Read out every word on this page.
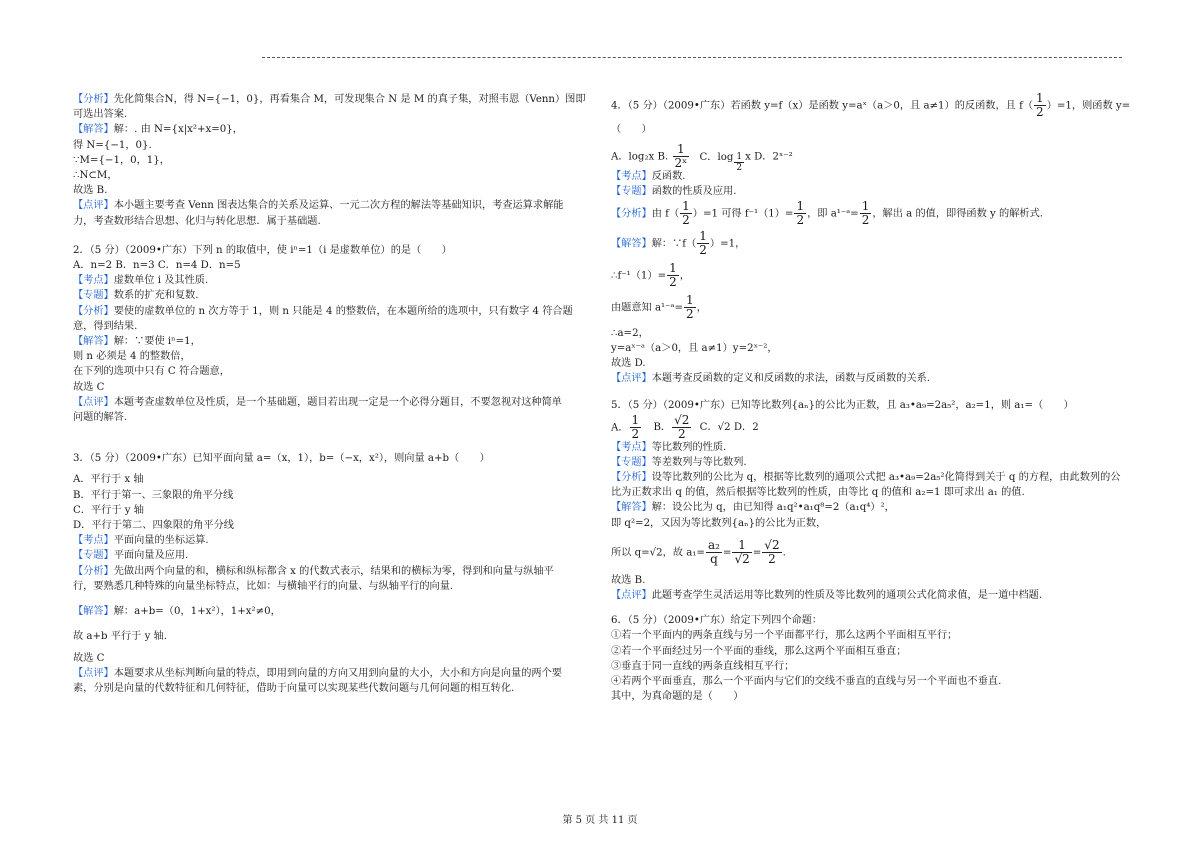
【分析】先化简集合N，得 N={−1，0}，再看集合 M，可发现集合 N 是 M 的真子集，对照韦恩（Venn）图即
可选出答案.
【解答】解：. 由 N={x|x²+x=0}，
得 N={−1，0}.
∵M={−1，0，1}，
∴N⊂M，
故选 B.
【点评】本小题主要考查 Venn 图表达集合的关系及运算、一元二次方程的解法等基础知识，考查运算求解能
力，考查数形结合思想、化归与转化思想．属于基础题.
2．（5 分）（2009•广东）下列 n 的取值中，使 iⁿ=1（i 是虚数单位）的是（　　）
A．n=2 B．n=3 C．n=4 D．n=5
【考点】虚数单位 i 及其性质.
【专题】数系的扩充和复数.
【分析】要使的虚数单位的 n 次方等于 1，则 n 只能是 4 的整数倍，在本题所给的选项中，只有数字 4 符合题
意，得到结果.
【解答】解：∵要使 iⁿ=1，
则 n 必须是 4 的整数倍，
在下列的选项中只有 C 符合题意，
故选 C
【点评】本题考查虚数单位及性质，是一个基础题，题目若出现一定是一个必得分题目，不要忽视对这种简单
问题的解答.
3．（5 分）（2009•广东）已知平面向量 a=（x，1），b=（−x，x²），则向量 a+b（　　）
A．平行于 x 轴
B．平行于第一、三象限的角平分线
C．平行于 y 轴
D．平行于第二、四象限的角平分线
【考点】平面向量的坐标运算.
【专题】平面向量及应用.
【分析】先做出两个向量的和，横标和纵标都含 x 的代数式表示，结果和的横标为零，得到和向量与纵轴平
行，要熟悉几种特殊的向量坐标特点，比如：与横轴平行的向量、与纵轴平行的向量.
【解答】解：a+b=（0，1+x²），1+x²≠0，
故 a+b 平行于 y 轴.
故选 C
【点评】本题要求从坐标判断向量的特点，即用到向量的方向又用到向量的大小，大小和方向是向量的两个要
素，分别是向量的代数特征和几何特征，借助于向量可以实现某些代数问题与几何问题的相互转化.
4．（5 分）（2009•广东）若函数 y=f（x）是函数 y=aˣ（a＞0，且 a≠1）的反函数，且 $f( \frac{1}{2} )=1$，则函数 y=
（　　）
A．log₂x B. $\frac{1}{\text{2ˣ}}$ C．$\log \frac{1}{2}$ x D．2ˣ⁻²
【考点】反函数.
【专题】函数的性质及应用.
【分析】由 $f( \frac{1}{2} )=1$ 可得 $f^{-1}(1)= \frac{1}{2}$ ，即 a¹⁻ᵃ= $\frac{1}{2}$ ，解出 a 的值，即得函数 y 的解析式.
【解答】解：∵f（ $\frac{1}{2} )=1$，
∴f⁻¹（1）= $\frac{1}{2}$ ，
由题意知 a¹⁻ᵃ= $\frac{1}{2}$ ，
∴a=2，
y=aˣ⁻ᵃ（a＞0，且 a≠1）y=2ˣ⁻²，
故选 D.
【点评】本题考查反函数的定义和反函数的求法，函数与反函数的关系.
5．（5 分）（2009•广东）已知等比数列{aₙ}的公比为正数，且 a₃•a₉=2a₅²，a₂=1，则 a₁=（　　）
A． $\frac{1}{2}$ B． $\frac{√2}{2}$ C．√2 D．2
【考点】等比数列的性质.
【专题】等差数列与等比数列.
【分析】设等比数列的公比为 q，根据等比数列的通项公式把 a₃•a₉=2a₅²化简得到关于 q 的方程，由此数列的公
比为正数求出 q 的值，然后根据等比数列的性质，由等比 q 的值和 a₂=1 即可求出 a₁ 的值.
【解答】解：设公比为 q，由已知得 a₁q²•a₁q⁸=2（a₁q⁴）²，
即 q²=2，又因为等比数列{aₙ}的公比为正数，
所以 q=√2，故 $a_1= \frac{\text{a₂}}{q} = \frac{1}{√2} = \frac{√2}{2}$ .
故选 B.
【点评】此题考查学生灵活运用等比数列的性质及等比数列的通项公式化简求值，是一道中档题.
6．（5 分）（2009•广东）给定下列四个命题：
①若一个平面内的两条直线与另一个平面都平行，那么这两个平面相互平行；
②若一个平面经过另一个平面的垂线，那么这两个平面相互垂直；
③垂直于同一直线的两条直线相互平行；
④若两个平面垂直，那么一个平面内与它们的交线不垂直的直线与另一个平面也不垂直.
其中，为真命题的是（　　）
第 5 页 共 11 页
